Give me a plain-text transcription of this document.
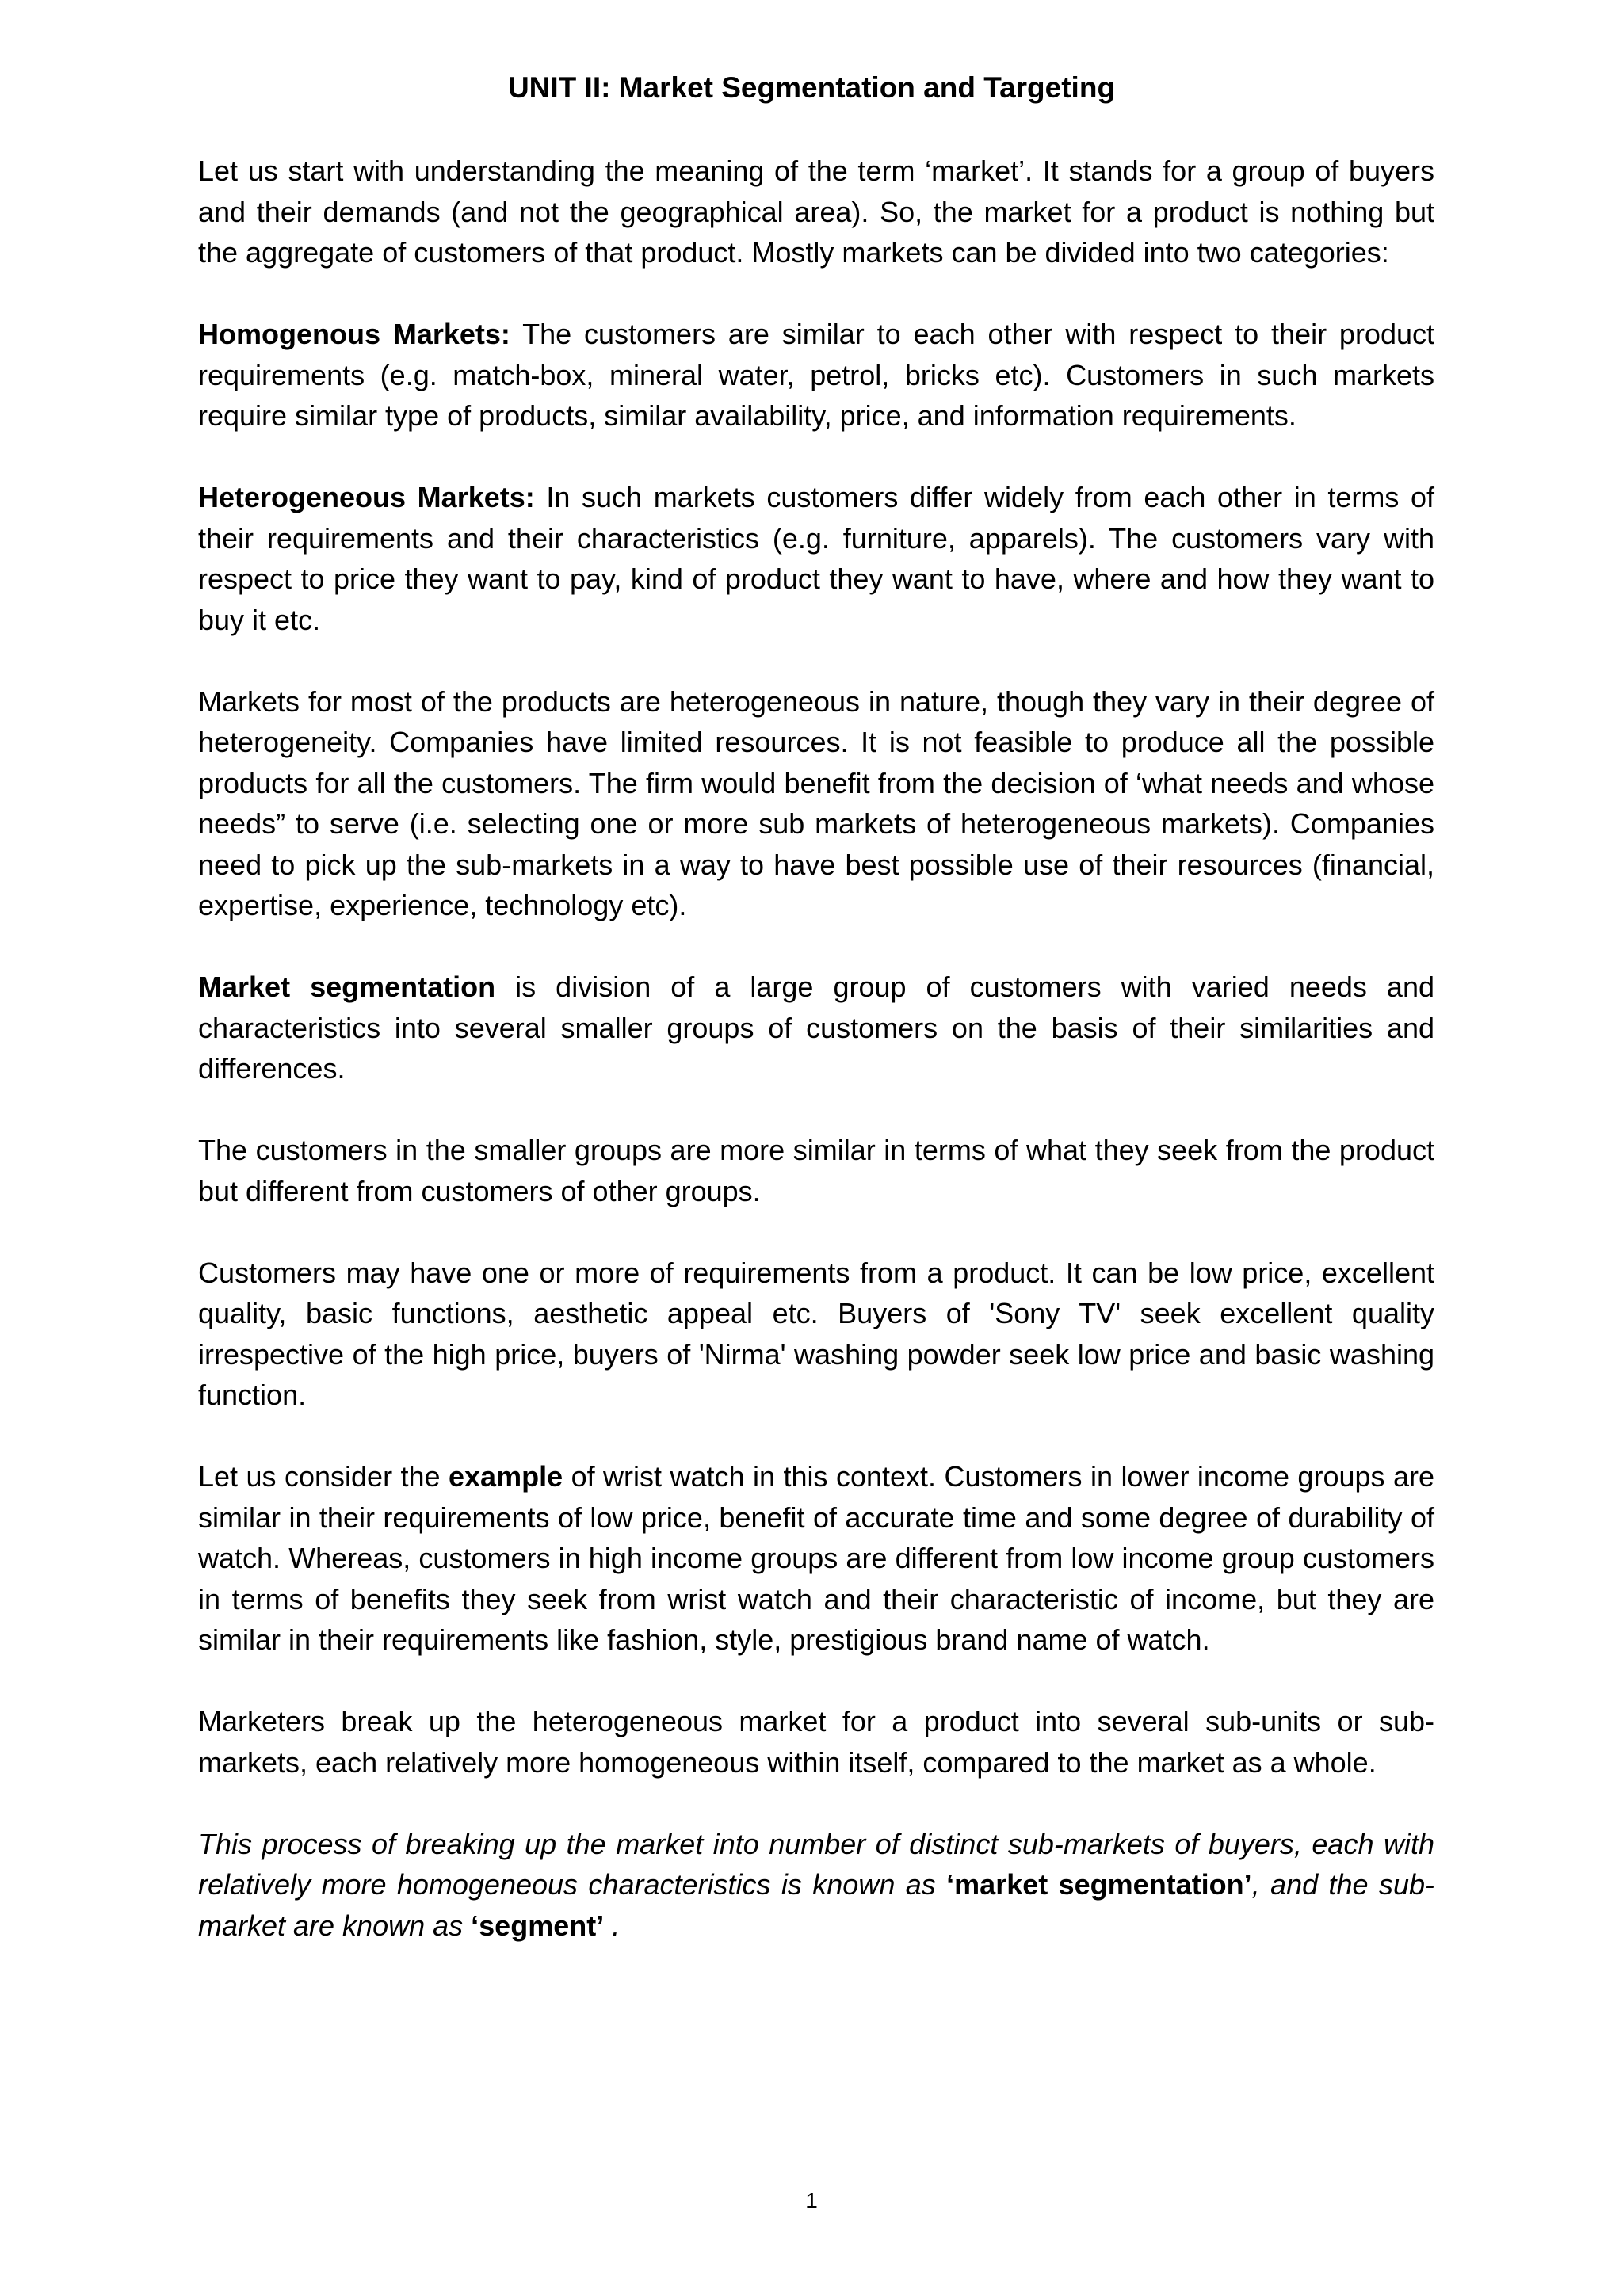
UNIT II: Market Segmentation and Targeting

Let us start with understanding the meaning of the term ‘market’. It stands for a group of buyers and their demands (and not the geographical area). So, the market for a product is nothing but the aggregate of customers of that product. Mostly markets can be divided into two categories:

Homogenous Markets: The customers are similar to each other with respect to their product requirements (e.g. match-box, mineral water, petrol, bricks etc). Customers in such markets require similar type of products, similar availability, price, and information requirements.

Heterogeneous Markets: In such markets customers differ widely from each other in terms of their requirements and their characteristics (e.g. furniture, apparels). The customers vary with respect to price they want to pay, kind of product they want to have, where and how they want to buy it etc.

Markets for most of the products are heterogeneous in nature, though they vary in their degree of heterogeneity. Companies have limited resources. It is not feasible to produce all the possible products for all the customers. The firm would benefit from the decision of ‘what needs and whose needs” to serve (i.e. selecting one or more sub markets of heterogeneous markets). Companies need to pick up the sub-markets in a way to have best possible use of their resources (financial, expertise, experience, technology etc).

Market segmentation is division of a large group of customers with varied needs and characteristics into several smaller groups of customers on the basis of their similarities and differences.

The customers in the smaller groups are more similar in terms of what they seek from the product but different from customers of other groups.

Customers may have one or more of requirements from a product. It can be low price, excellent quality, basic functions, aesthetic appeal etc. Buyers of 'Sony TV' seek excellent quality irrespective of the high price, buyers of 'Nirma' washing powder seek low price and basic washing function.

Let us consider the example of wrist watch in this context. Customers in lower income groups are similar in their requirements of low price, benefit of accurate time and some degree of durability of watch. Whereas, customers in high income groups are different from low income group customers in terms of benefits they seek from wrist watch and their characteristic of income, but they are similar in their requirements like fashion, style, prestigious brand name of watch.

Marketers break up the heterogeneous market for a product into several sub-units or sub-markets, each relatively more homogeneous within itself, compared to the market as a whole.

This process of breaking up the market into number of distinct sub-markets of buyers, each with relatively more homogeneous characteristics is known as ‘market segmentation’, and the sub-market are known as ‘segment’ .

1
